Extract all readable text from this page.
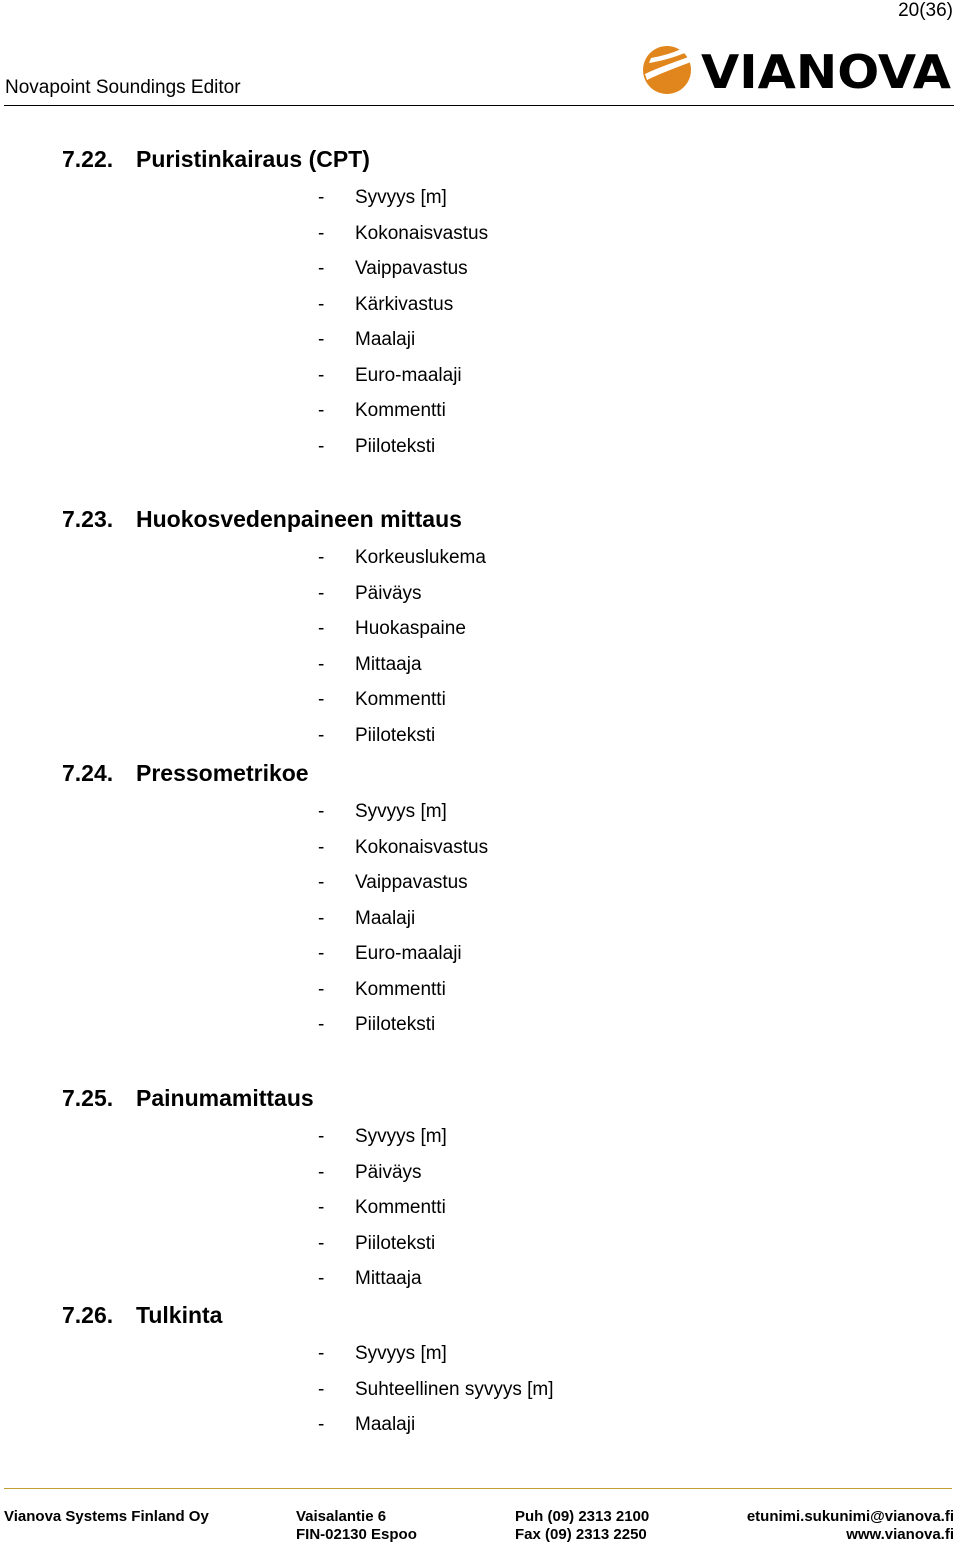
20(36)
Novapoint Soundings Editor	VIANOVA
7.22. Puristinkairaus (CPT)
- Syvyys [m]
- Kokonaisvastus
- Vaippavastus
- Kärkivastus
- Maalaji
- Euro-maalaji
- Kommentti
- Piiloteksti
7.23. Huokosvedenpaineen mittaus
- Korkeuslukema
- Päiväys
- Huokaspaine
- Mittaaja
- Kommentti
- Piiloteksti
7.24. Pressometrikoe
- Syvyys [m]
- Kokonaisvastus
- Vaippavastus
- Maalaji
- Euro-maalaji
- Kommentti
- Piiloteksti
7.25. Painumamittaus
- Syvyys [m]
- Päiväys
- Kommentti
- Piiloteksti
- Mittaaja
7.26. Tulkinta
- Syvyys [m]
- Suhteellinen syvyys [m]
- Maalaji
Vianova Systems Finland Oy	Vaisalantie 6
FIN-02130 Espoo
Puh (09) 2313 2100
Fax (09) 2313 2250
etunimi.sukunimi@vianova.fi
www.vianova.fi
